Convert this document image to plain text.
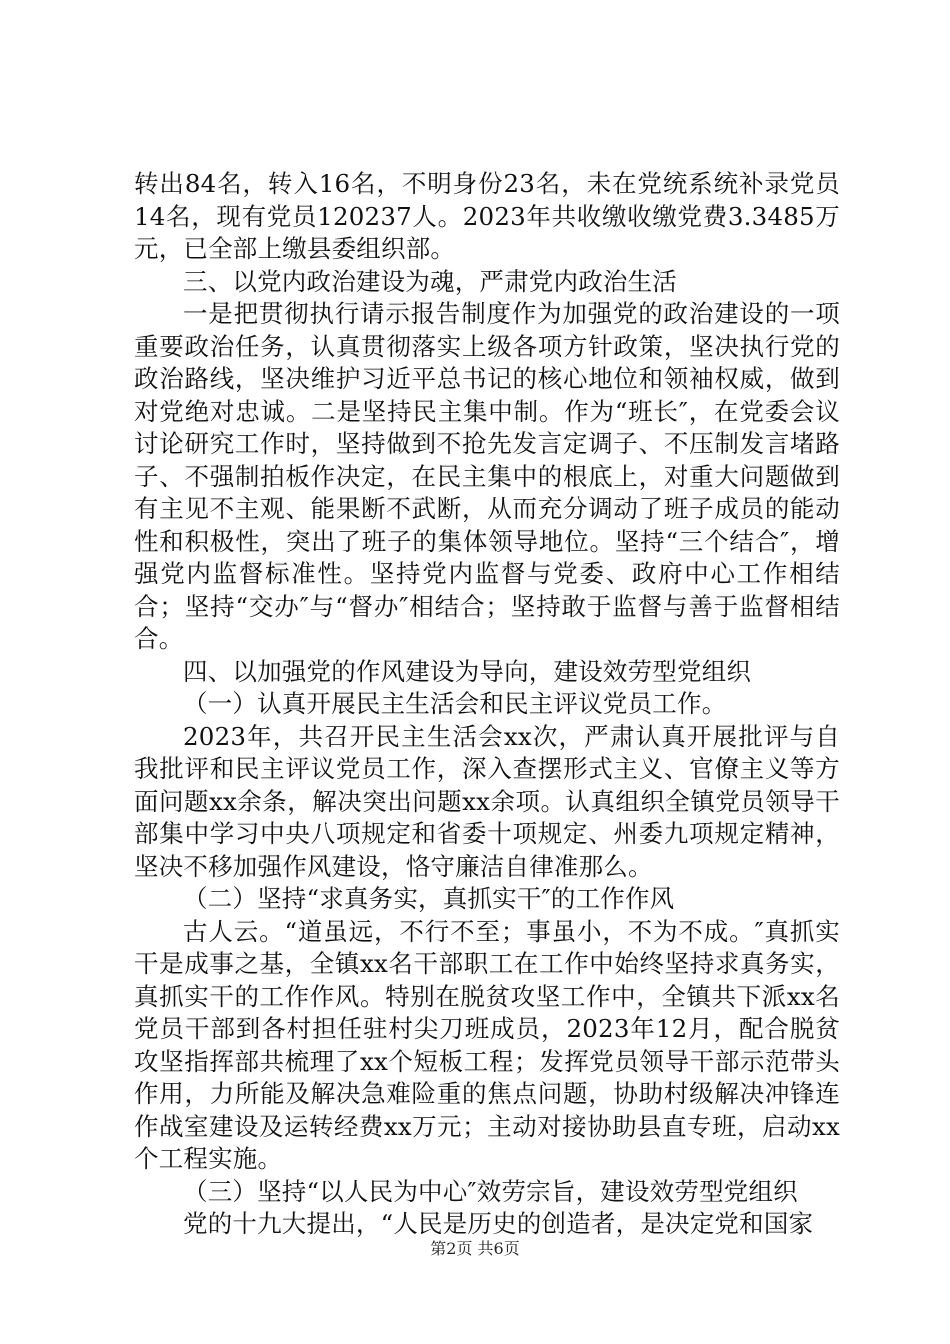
转出84名，转入16名，不明身份23名，未在党统系统补录党员14名，现有党员120237人。2023年共收缴收缴党费3.3485万元，已全部上缴县委组织部。

三、以党内政治建设为魂，严肃党内政治生活

一是把贯彻执行请示报告制度作为加强党的政治建设的一项重要政治任务，认真贯彻落实上级各项方针政策，坚决执行党的政治路线，坚决维护习近平总书记的核心地位和领袖权威，做到对党绝对忠诚。二是坚持民主集中制。作为“班长″，在党委会议讨论研究工作时，坚持做到不抢先发言定调子、不压制发言堵路子、不强制拍板作决定，在民主集中的根底上，对重大问题做到有主见不主观、能果断不武断，从而充分调动了班子成员的能动性和积极性，突出了班子的集体领导地位。坚持“三个结合″，增强党内监督标准性。坚持党内监督与党委、政府中心工作相结合；坚持“交办″与“督办″相结合；坚持敢于监督与善于监督相结合。

四、以加强党的作风建设为导向，建设效劳型党组织

（一）认真开展民主生活会和民主评议党员工作。

2023年，共召开民主生活会xx次，严肃认真开展批评与自我批评和民主评议党员工作，深入查摆形式主义、官僚主义等方面问题xx余条，解决突出问题xx余项。认真组织全镇党员领导干部集中学习中央八项规定和省委十项规定、州委九项规定精神，坚决不移加强作风建设，恪守廉洁自律准那么。

（二）坚持“求真务实，真抓实干″的工作作风

古人云。“道虽远，不行不至；事虽小，不为不成。″真抓实干是成事之基，全镇xx名干部职工在工作中始终坚持求真务实，真抓实干的工作作风。特别在脱贫攻坚工作中，全镇共下派xx名党员干部到各村担任驻村尖刀班成员，2023年12月，配合脱贫攻坚指挥部共梳理了xx个短板工程；发挥党员领导干部示范带头作用，力所能及解决急难险重的焦点问题，协助村级解决冲锋连作战室建设及运转经费xx万元；主动对接协助县直专班，启动xx个工程实施。

（三）坚持“以人民为中心″效劳宗旨，建设效劳型党组织

党的十九大提出，“人民是历史的创造者，是决定党和国家

第2页 共6页
